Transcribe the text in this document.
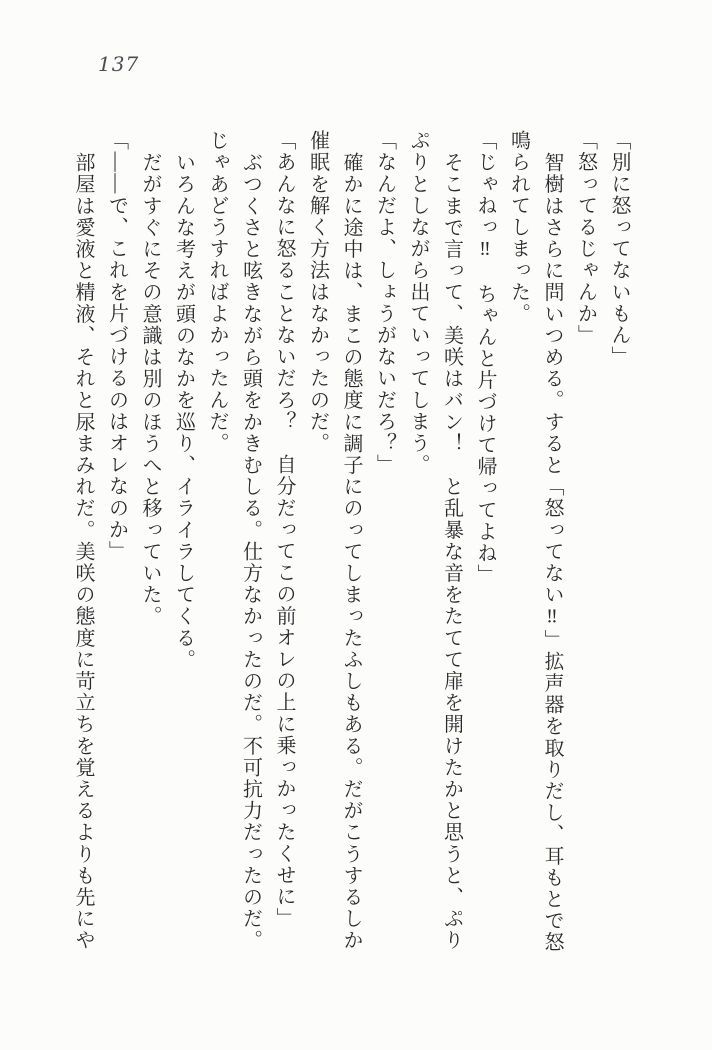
137

「別に怒ってないもん」

「怒ってるじゃんか」

智樹はさらに問いつめる。すると「怒ってない‼」拡声器を取りだし、耳もとで怒

鳴られてしまった。

「じゃねっ‼　ちゃんと片づけて帰ってよね」

そこまで言って、美咲はバン！　と乱暴な音をたてて扉を開けたかと思うと、ぷり

ぷりとしながら出ていってしまう。

「なんだよ、しょうがないだろ？」

確かに途中は、まこの態度に調子にのってしまったふしもある。だがこうするしか

催眠を解く方法はなかったのだ。

「あんなに怒ることないだろ？　自分だってこの前オレの上に乗っかったくせに」

ぶつくさと呟きながら頭をかきむしる。仕方なかったのだ。不可抗力だったのだ。

じゃあどうすればよかったんだ。

いろんな考えが頭のなかを巡り、イライラしてくる。

だがすぐにその意識は別のほうへと移っていた。

「――で、これを片づけるのはオレなのか」

部屋は愛液と精液、それと尿まみれだ。美咲の態度に苛立ちを覚えるよりも先にや
